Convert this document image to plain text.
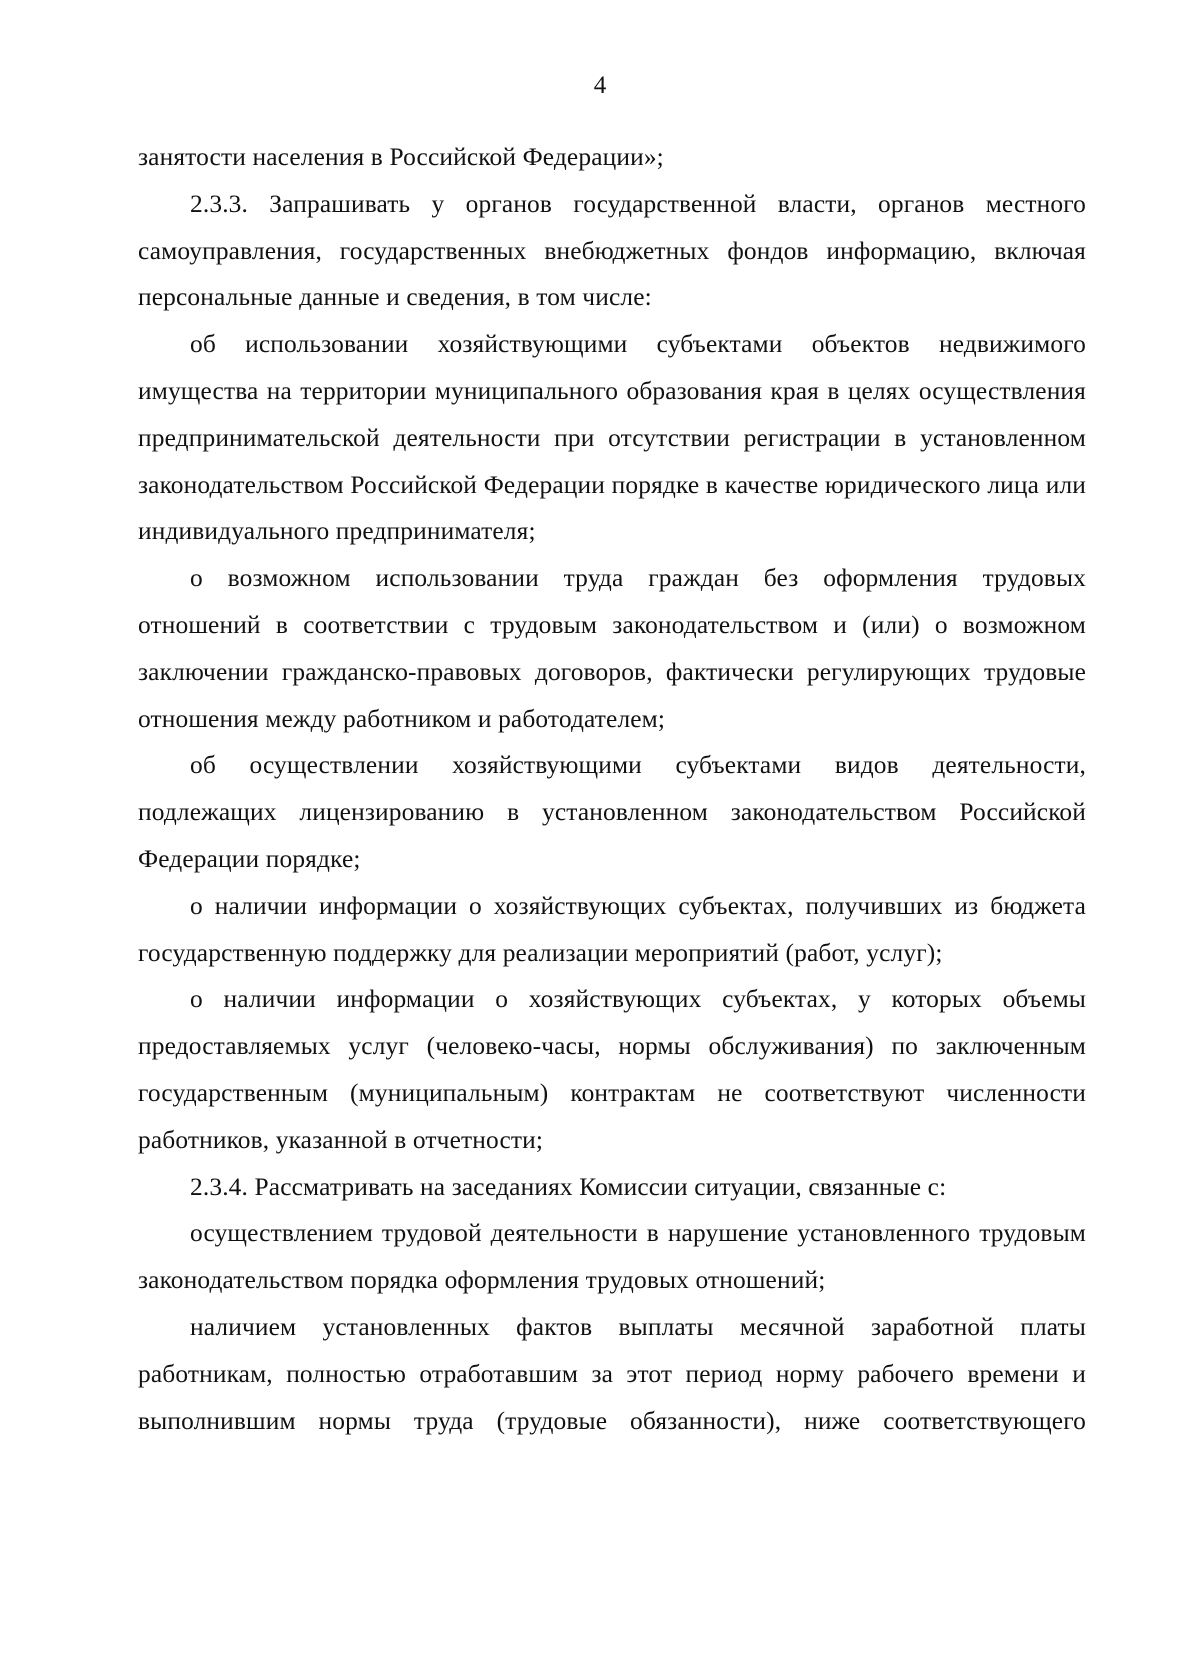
4

занятости населения в Российской Федерации»;

2.3.3. Запрашивать у органов государственной власти, органов местного самоуправления, государственных внебюджетных фондов информацию, включая персональные данные и сведения, в том числе:

об использовании хозяйствующими субъектами объектов недвижимого имущества на территории муниципального образования края в целях осуществления предпринимательской деятельности при отсутствии регистрации в установленном законодательством Российской Федерации порядке в качестве юридического лица или индивидуального предпринимателя;

о возможном использовании труда граждан без оформления трудовых отношений в соответствии с трудовым законодательством и (или) о возможном заключении гражданско-правовых договоров, фактически регулирующих трудовые отношения между работником и работодателем;

об осуществлении хозяйствующими субъектами видов деятельности, подлежащих лицензированию в установленном законодательством Российской Федерации порядке;

о наличии информации о хозяйствующих субъектах, получивших из бюджета государственную поддержку для реализации мероприятий (работ, услуг);

о наличии информации о хозяйствующих субъектах, у которых объемы предоставляемых услуг (человеко-часы, нормы обслуживания) по заключенным государственным (муниципальным) контрактам не соответствуют численности работников, указанной в отчетности;

2.3.4. Рассматривать на заседаниях Комиссии ситуации, связанные с:

осуществлением трудовой деятельности в нарушение установленного трудовым законодательством порядка оформления трудовых отношений;

наличием установленных фактов выплаты месячной заработной платы работникам, полностью отработавшим за этот период норму рабочего времени и выполнившим нормы труда (трудовые обязанности), ниже соответствующего
